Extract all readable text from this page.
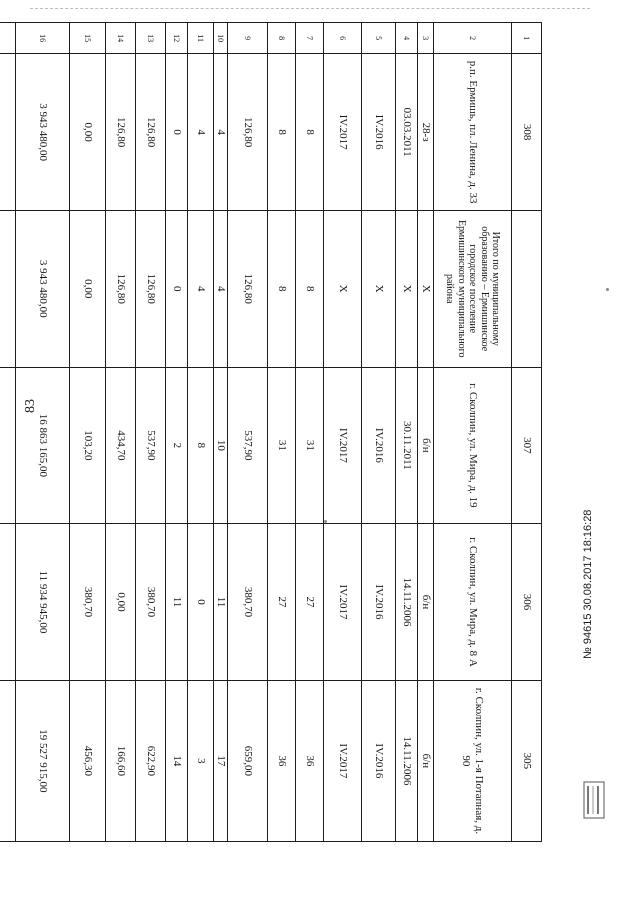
83
1	308		307	306	305
2	р.п. Ермишь, пл. Ленина, д. 33	Итого по муниципальному образованию – Ермишинское городское поселение Ермишинского муниципального района	г. Сколпин, ул. Мира, д. 19	г. Сколпин, ул. Мира, д. 8 А	г. Сколпин, ул. 1-я Потапная, д. 90
3	28-з	X	б/н	б/н	б/н
4	03.03.2011	X	30.11.2011	14.11.2006	14.11.2006
5	IV.2016	X	IV.2016	IV.2016	IV.2016
6	IV.2017	X	IV.2017	IV.2017	IV.2017
7	8	8	31	27	36
8	8	8	31	27	36
9	126,80	126,80	537,90	380,70	659,00
10	4	4	10	11	17
11	4	4	8	0	3
12	0	0	2	11	14
13	126,80	126,80	537,90	380,70	622,90
14	126,80	126,80	434,70	0,00	166,60
15	0,00	0,00	103,20	380,70	456,30
16	3 943 480,00	3 943 480,00	16 863 165,00	11 934 945,00	19 527 915,00

№ 94615 30.08.2017 18:16:28
